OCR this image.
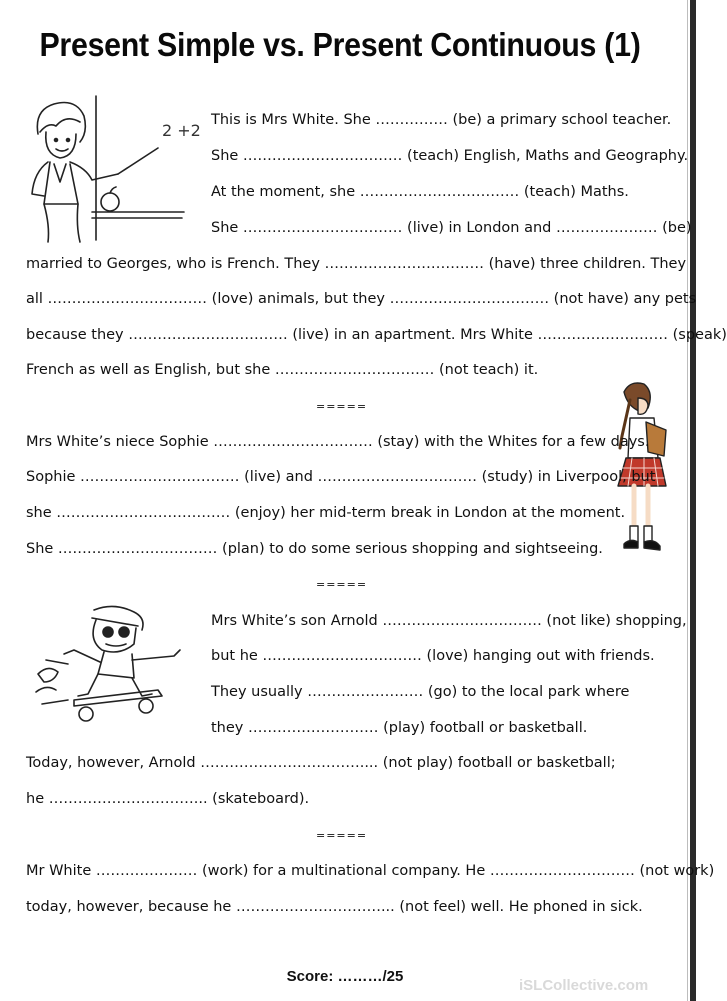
Present Simple vs. Present Continuous (1)
2 +2
This is Mrs White. She …………… (be) a primary school teacher.
She …………………………… (teach) English, Maths and Geography.
At the moment, she …………………………… (teach) Maths.
She …………………………… (live) in London and ………………… (be)
married to Georges, who is French. They …………………………… (have) three children. They
all …………………………… (love) animals, but they …………………………… (not have) any pets
because they …………………………… (live) in an apartment. Mrs White ……………………… (speak)
French as well as English, but she …………………………… (not teach) it.
=====
Mrs White’s niece Sophie …………………………… (stay) with the Whites for a few days.
Sophie …………………………… (live) and …………………………… (study) in Liverpool, but
she ……………………………… (enjoy) her mid-term break in London at the moment.
She …………………………… (plan) to do some serious shopping and sightseeing.
=====
Mrs White’s son Arnold …………………………… (not like) shopping,
but he …………………………… (love) hanging out with friends.
They usually …………………… (go) to the local park where
they ……………………… (play) football or basketball.
Today, however, Arnold …………………………….... (not play) football or basketball;
he …………………………... (skateboard).
=====
Mr White ………………… (work) for a multinational company. He ………………………… (not work)
today, however, because he …………………………... (not feel) well. He phoned in sick.
Score: ………/25
iSLCollective.com
